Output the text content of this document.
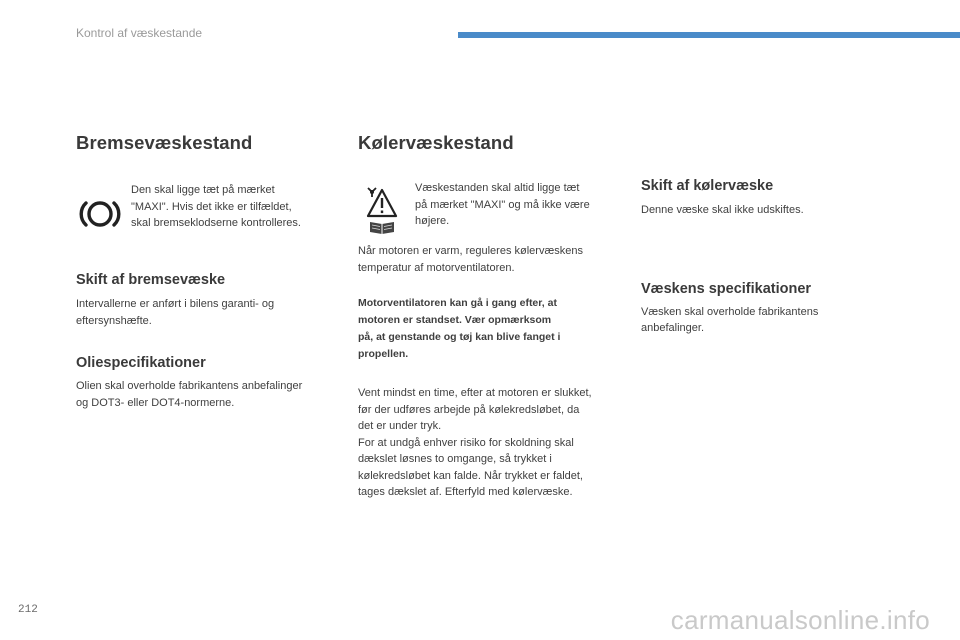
Kontrol af væskestande
Bremsevæskestand

Den skal ligge tæt på mærket

"MAXI". Hvis det ikke er tilfældet,

skal bremseklodserne kontrolleres.

Skift af bremsevæske

Intervallerne er anført i bilens garanti- og

eftersynshæfte.

Oliespecifikationer

Olien skal overholde fabrikantens anbefalinger

og DOT3- eller DOT4-normerne.

Kølervæskestand

Væskestanden skal altid ligge tæt

på mærket "MAXI" og må ikke være

højere.

Når motoren er varm, reguleres kølervæskens

temperatur af motorventilatoren.

Motorventilatoren kan gå i gang efter, at

motoren er standset. Vær opmærksom

på, at genstande og tøj kan blive fanget i

propellen.

Vent mindst en time, efter at motoren er slukket,

før der udføres arbejde på kølekredsløbet, da

det er under tryk.

For at undgå enhver risiko for skoldning skal

dækslet løsnes to omgange, så trykket i

kølekredsløbet kan falde. Når trykket er faldet,

tages dækslet af. Efterfyld med kølervæske.

Skift af kølervæske

Denne væske skal ikke udskiftes.

Væskens specifikationer

Væsken skal overholde fabrikantens

anbefalinger.

212	carmanualsonline.info
